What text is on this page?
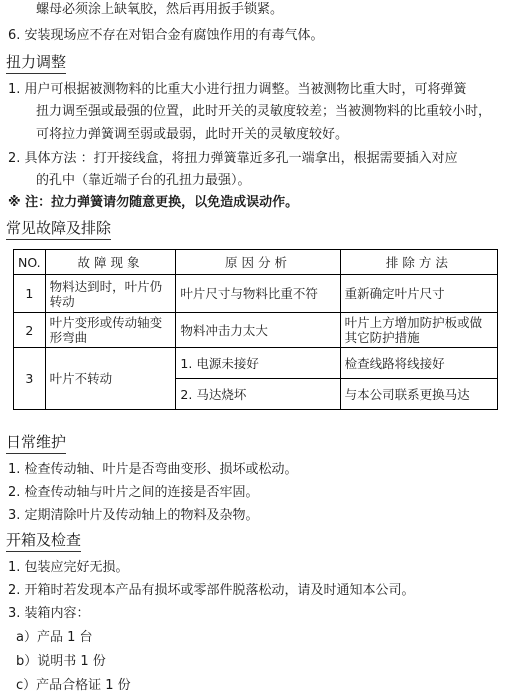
螺母必须涂上缺氧胶，然后再用扳手锁紧。
6. 安装现场应不存在对铝合金有腐蚀作用的有毒气体。
扭力调整
1. 用户可根据被测物料的比重大小进行扭力调整。当被测物比重大时，可将弹簧
扭力调至强或最强的位置，此时开关的灵敏度较差；当被测物料的比重较小时，
可将拉力弹簧调至弱或最弱，此时开关的灵敏度较好。
2. 具体方法 ：打开接线盒，将扭力弹簧靠近多孔一端拿出，根据需要插入对应
的孔中（靠近端子台的孔扭力最强）。
※ 注：拉力弹簧请勿随意更换，以免造成误动作。
常见故障及排除
NO.	故障现象	原因分析	排除方法
1	物料达到时，叶片仍转动	叶片尺寸与物料比重不符	重新确定叶片尺寸
2	叶片变形或传动轴变形弯曲	物料冲击力太大	叶片上方增加防护板或做其它防护措施
3	叶片不转动	1. 电源未接好	检查线路将线接好
		2. 马达烧坏	与本公司联系更换马达
日常维护
1. 检查传动轴、叶片是否弯曲变形、损坏或松动。
2. 检查传动轴与叶片之间的连接是否牢固。
3. 定期清除叶片及传动轴上的物料及杂物。
开箱及检查
1. 包装应完好无损。
2. 开箱时若发现本产品有损坏或零部件脱落松动，请及时通知本公司。
3. 装箱内容：
a）产品 1 台
b）说明书 1 份
c）产品合格证 1 份
